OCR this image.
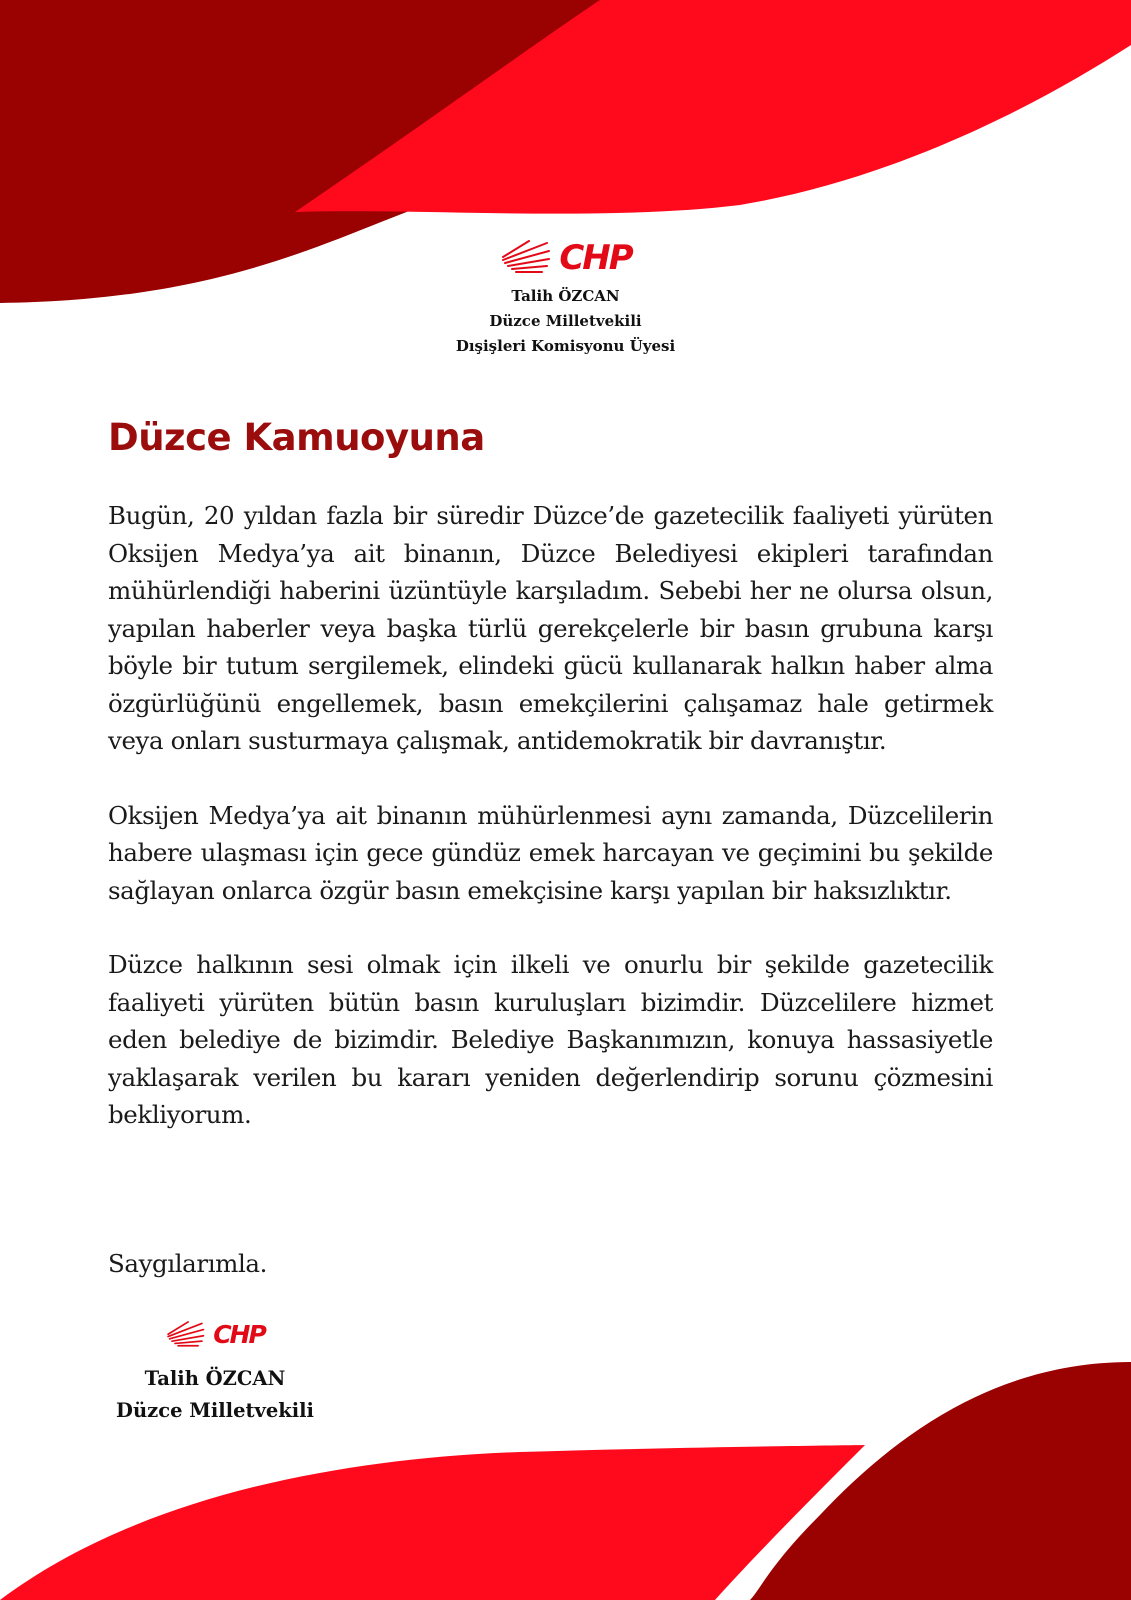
CHP
Talih ÖZCAN
Düzce Milletvekili
Dışişleri Komisyonu Üyesi
Düzce Kamuoyuna

Bugün, 20 yıldan fazla bir süredir Düzce’de gazetecilik faaliyeti yürüten Oksijen Medya’ya ait binanın, Düzce Belediyesi ekipleri tarafından mühürlendiği haberini üzüntüyle karşıladım. Sebebi her ne olursa olsun, yapılan haberler veya başka türlü gerekçelerle bir basın grubuna karşı böyle bir tutum sergilemek, elindeki gücü kullanarak halkın haber alma özgürlüğünü engellemek, basın emekçilerini çalışamaz hale getirmek veya onları susturmaya çalışmak, antidemokratik bir davranıştır.

Oksijen Medya’ya ait binanın mühürlenmesi aynı zamanda, Düzcelilerin habere ulaşması için gece gündüz emek harcayan ve geçimini bu şekilde sağlayan onlarca özgür basın emekçisine karşı yapılan bir haksızlıktır.

Düzce halkının sesi olmak için ilkeli ve onurlu bir şekilde gazetecilik faaliyeti yürüten bütün basın kuruluşları bizimdir. Düzcelilere hizmet eden belediye de bizimdir. Belediye Başkanımızın, konuya hassasiyetle yaklaşarak verilen bu kararı yeniden değerlendirip sorunu çözmesini bekliyorum.

Saygılarımla.

CHP
Talih ÖZCAN
Düzce Milletvekili
